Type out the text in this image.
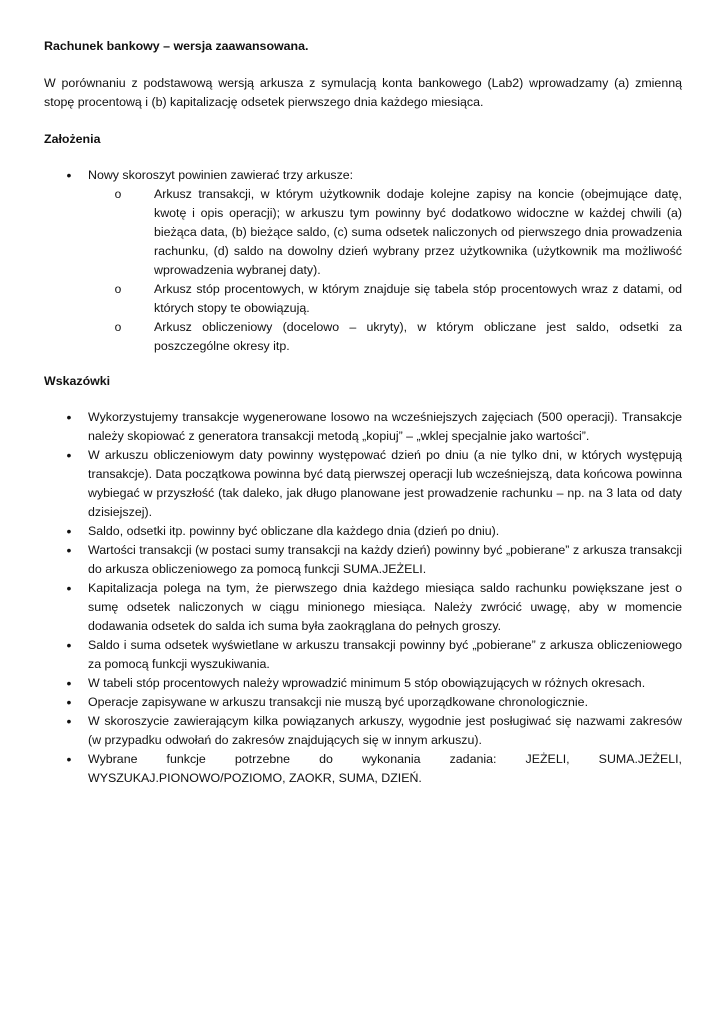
Rachunek bankowy – wersja zaawansowana.

W porównaniu z podstawową wersją arkusza z symulacją konta bankowego (Lab2) wprowadzamy (a) zmienną stopę procentową i (b) kapitalizację odsetek pierwszego dnia każdego miesiąca.

Założenia

•	Nowy skoroszyt powinien zawierać trzy arkusze:
o	Arkusz transakcji, w którym użytkownik dodaje kolejne zapisy na koncie (obejmujące datę, kwotę i opis operacji); w arkuszu tym powinny być dodatkowo widoczne w każdej chwili (a) bieżąca data, (b) bieżące saldo, (c) suma odsetek naliczonych od pierwszego dnia prowadzenia rachunku, (d) saldo na dowolny dzień wybrany przez użytkownika (użytkownik ma możliwość wprowadzenia wybranej daty).
o	Arkusz stóp procentowych, w którym znajduje się tabela stóp procentowych wraz z datami, od których stopy te obowiązują.
o	Arkusz obliczeniowy (docelowo – ukryty), w którym obliczane jest saldo, odsetki za poszczególne okresy itp.

Wskazówki

•	Wykorzystujemy transakcje wygenerowane losowo na wcześniejszych zajęciach (500 operacji). Transakcje należy skopiować z generatora transakcji metodą „kopiuj” – „wklej specjalnie jako wartości”.
•	W arkuszu obliczeniowym daty powinny występować dzień po dniu (a nie tylko dni, w których występują transakcje). Data początkowa powinna być datą pierwszej operacji lub wcześniejszą, data końcowa powinna wybiegać w przyszłość (tak daleko, jak długo planowane jest prowadzenie rachunku – np. na 3 lata od daty dzisiejszej).
•	Saldo, odsetki itp. powinny być obliczane dla każdego dnia (dzień po dniu).
•	Wartości transakcji (w postaci sumy transakcji na każdy dzień) powinny być „pobierane” z arkusza transakcji do arkusza obliczeniowego za pomocą funkcji SUMA.JEŻELI.
•	Kapitalizacja polega na tym, że pierwszego dnia każdego miesiąca saldo rachunku powiększane jest o sumę odsetek naliczonych w ciągu minionego miesiąca. Należy zwrócić uwagę, aby w momencie dodawania odsetek do salda ich suma była zaokrąglana do pełnych groszy.
•	Saldo i suma odsetek wyświetlane w arkuszu transakcji powinny być „pobierane” z arkusza obliczeniowego za pomocą funkcji wyszukiwania.
•	W tabeli stóp procentowych należy wprowadzić minimum 5 stóp obowiązujących w różnych okresach.
•	Operacje zapisywane w arkuszu transakcji nie muszą być uporządkowane chronologicznie.
•	W skoroszycie zawierającym kilka powiązanych arkuszy, wygodnie jest posługiwać się nazwami zakresów (w przypadku odwołań do zakresów znajdujących się w innym arkuszu).
•	Wybrane funkcje potrzebne do wykonania zadania: JEŻELI, SUMA.JEŻELI, WYSZUKAJ.PIONOWO/POZIOMO, ZAOKR, SUMA, DZIEŃ.
